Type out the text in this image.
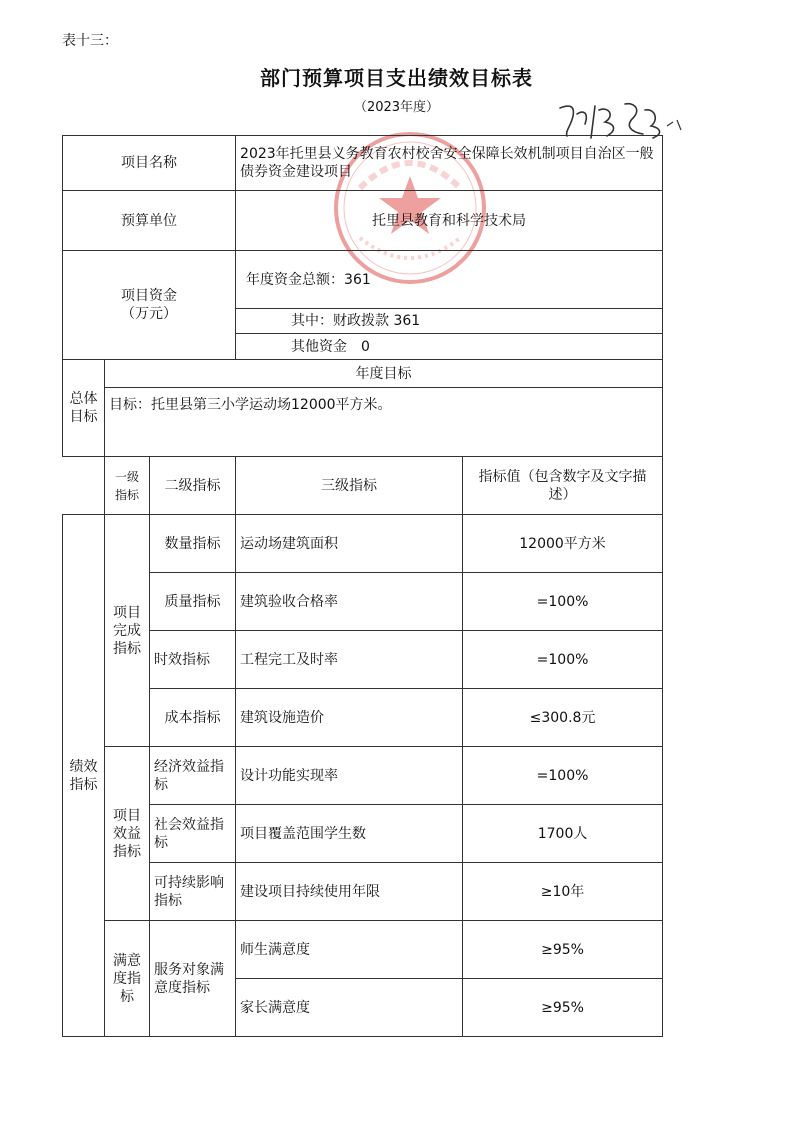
表十三：
部门预算项目支出绩效目标表
（2023年度）
项目名称			2023年托里县义务教育农村校舍安全保障长效机制项目自治区一般债券资金建设项目	
预算单位			托里县教育和科学技术局	
项目资金
（万元）			年度资金总额：361	
			其中：财政拨款 361	
			其他资金　0	
总体目标	年度目标			
	目标：托里县第三小学运动场12000平方米。			
	一级指标	二级指标	三级指标	指标值（包含数字及文字描述）
绩效指标	项目完成指标	数量指标	运动场建筑面积	12000平方米
		质量指标	建筑验收合格率	=100%
		时效指标	工程完工及时率	=100%
		成本指标	建筑设施造价	≤300.8元
	项目效益指标	经济效益指标	设计功能实现率	=100%
		社会效益指标	项目覆盖范围学生数	1700人
		可持续影响指标	建设项目持续使用年限	≥10年
	满意度指标	服务对象满意度指标	师生满意度	≥95%
			家长满意度	≥95%
